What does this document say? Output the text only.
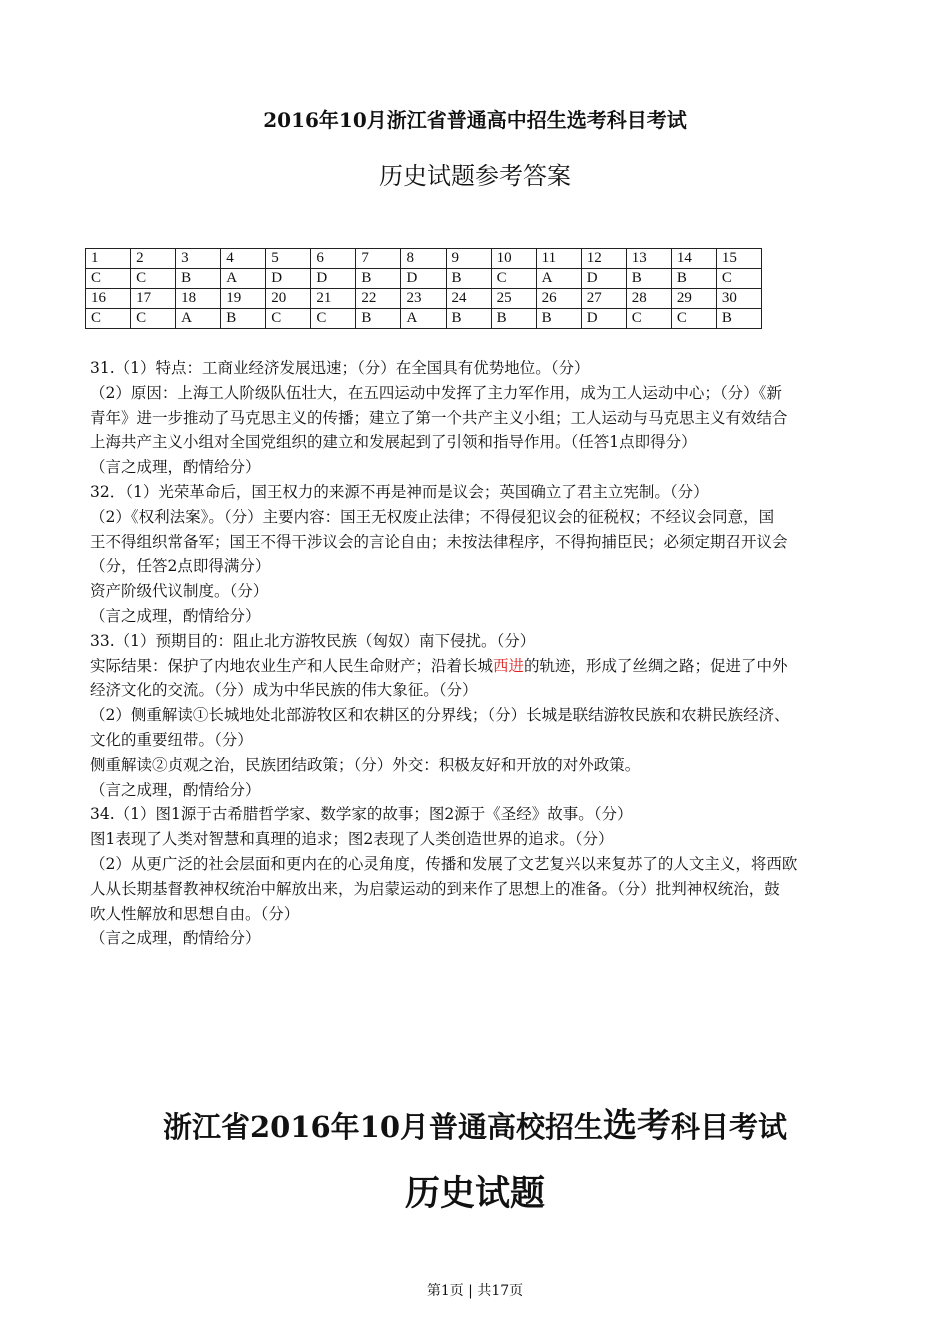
2016年10月浙江省普通高中招生选考科目考试
历史试题参考答案
1	2	3	4	5	6	7	8	9	10	11	12	13	14	15
C	C	B	A	D	D	B	D	B	C	A	D	B	B	C
16	17	18	19	20	21	22	23	24	25	26	27	28	29	30
C	C	A	B	C	C	B	A	B	B	B	D	C	C	B
31.（1）特点：工商业经济发展迅速；（分）在全国具有优势地位。（分）
（2）原因：上海工人阶级队伍壮大，在五四运动中发挥了主力军作用，成为工人运动中心；（分）《新
青年》进一步推动了马克思主义的传播；建立了第一个共产主义小组；工人运动与马克思主义有效结合
上海共产主义小组对全国党组织的建立和发展起到了引领和指导作用。（任答1点即得分）
（言之成理，酌情给分）
32．（1）光荣革命后，国王权力的来源不再是神而是议会；英国确立了君主立宪制。（分）
（2）《权利法案》。（分）主要内容：国王无权废止法律；不得侵犯议会的征税权；不经议会同意，国
王不得组织常备军；国王不得干涉议会的言论自由；未按法律程序，不得拘捕臣民；必须定期召开议会
（分，任答2点即得满分）
资产阶级代议制度。（分）
（言之成理，酌情给分）
33.（1）预期目的：阻止北方游牧民族（匈奴）南下侵扰。（分）
实际结果：保护了内地农业生产和人民生命财产；沿着长城西进的轨迹，形成了丝绸之路；促进了中外
经济文化的交流。（分）成为中华民族的伟大象征。（分）
（2）侧重解读①长城地处北部游牧区和农耕区的分界线；（分）长城是联结游牧民族和农耕民族经济、
文化的重要纽带。（分）
侧重解读②贞观之治，民族团结政策；（分）外交：积极友好和开放的对外政策。
（言之成理，酌情给分）
34.（1）图1源于古希腊哲学家、数学家的故事；图2源于《圣经》故事。（分）
图1表现了人类对智慧和真理的追求；图2表现了人类创造世界的追求。（分）
（2）从更广泛的社会层面和更内在的心灵角度，传播和发展了文艺复兴以来复苏了的人文主义，将西欧
人从长期基督教神权统治中解放出来，为启蒙运动的到来作了思想上的准备。（分）批判神权统治，鼓
吹人性解放和思想自由。（分）
（言之成理，酌情给分）
浙江省2016年10月普通高校招生选考科目考试
历史试题
第1页 | 共17页
